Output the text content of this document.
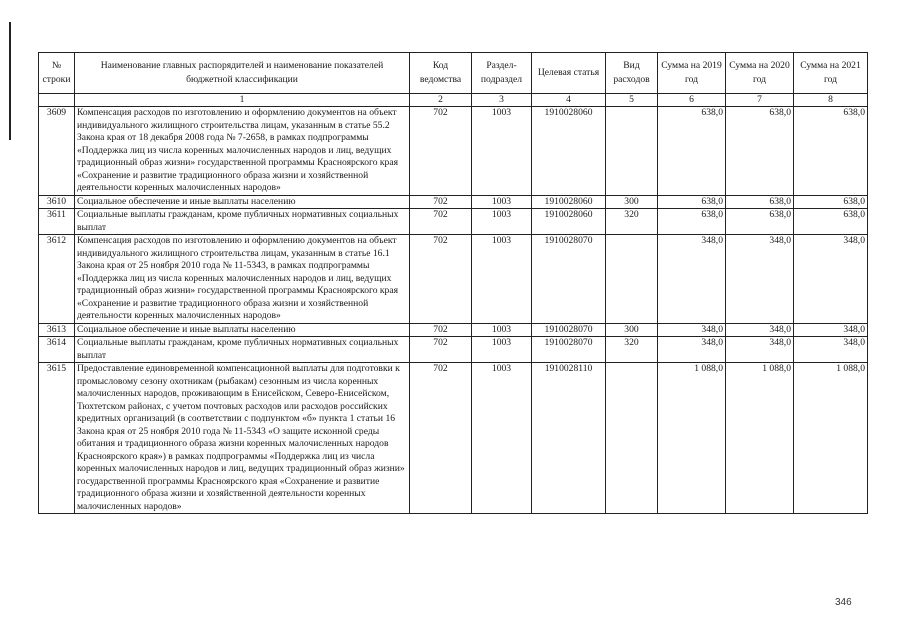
№ строки	Наименование главных распорядителей и наименование показателей бюджетной классификации	Код ведомства	Раздел-подраздел	Целевая статья	Вид расходов	Сумма на 2019 год	Сумма на 2020 год	Сумма на 2021 год
	1	2	3	4	5	6	7	8
3609	Компенсация расходов по изготовлению и оформлению документов на объект индивидуального жилищного строительства лицам, указанным в статье 55.2 Закона края от 18 декабря 2008 года № 7-2658, в рамках подпрограммы «Поддержка лиц из числа коренных малочисленных народов и лиц, ведущих традиционный образ жизни» государственной программы Красноярского края «Сохранение и развитие традиционного образа жизни и хозяйственной деятельности коренных малочисленных народов»	702	1003	1910028060		638,0	638,0	638,0
3610	Социальное обеспечение и иные выплаты населению	702	1003	1910028060	300	638,0	638,0	638,0
3611	Социальные выплаты гражданам, кроме публичных нормативных социальных выплат	702	1003	1910028060	320	638,0	638,0	638,0
3612	Компенсация расходов по изготовлению и оформлению документов на объект индивидуального жилищного строительства лицам, указанным в статье 16.1 Закона края от 25 ноября 2010 года № 11-5343, в рамках подпрограммы «Поддержка лиц из числа коренных малочисленных народов и лиц, ведущих традиционный образ жизни» государственной программы Красноярского края «Сохранение и развитие традиционного образа жизни и хозяйственной деятельности коренных малочисленных народов»	702	1003	1910028070		348,0	348,0	348,0
3613	Социальное обеспечение и иные выплаты населению	702	1003	1910028070	300	348,0	348,0	348,0
3614	Социальные выплаты гражданам, кроме публичных нормативных социальных выплат	702	1003	1910028070	320	348,0	348,0	348,0
3615	Предоставление единовременной компенсационной выплаты для подготовки к промысловому сезону охотникам (рыбакам) сезонным из числа коренных малочисленных народов, проживающим в Енисейском, Северо-Енисейском, Тюхтетском районах, с учетом почтовых расходов или расходов российских кредитных организаций (в соответствии с подпунктом «б» пункта 1 статьи 16 Закона края от 25 ноября 2010 года № 11-5343 «О защите исконной среды обитания и традиционного образа жизни коренных малочисленных народов Красноярского края») в рамках подпрограммы «Поддержка лиц из числа коренных малочисленных народов и лиц, ведущих традиционный образ жизни» государственной программы Красноярского края «Сохранение и развитие традиционного образа жизни и хозяйственной деятельности коренных малочисленных народов»	702	1003	1910028110		1 088,0	1 088,0	1 088,0
346
